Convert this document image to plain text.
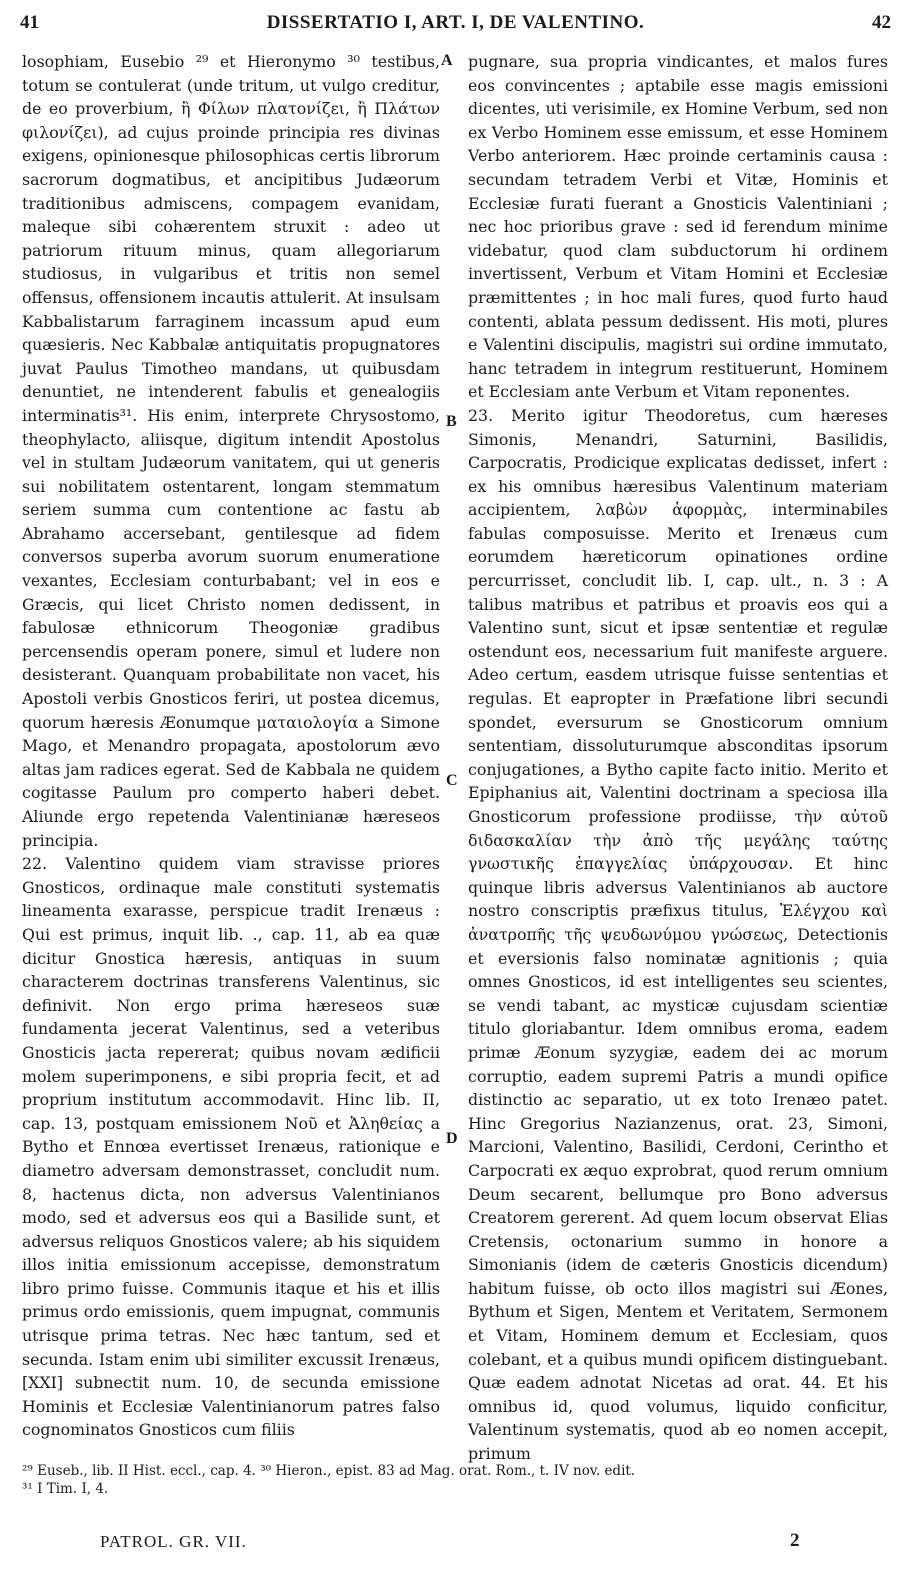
41	DISSERTATIO I, ART. I, DE VALENTINO.	42

losophiam, Eusebio ²⁹ et Hieronymo ³⁰ testibus, totum se contulerat (unde tritum, ut vulgo creditur, de eo proverbium, ἢ Φίλων πλατονίζει, ἢ Πλάτων φιλονίζει), ad cujus proinde principia res divinas exigens, opinionesque philosophicas certis librorum sacrorum dogmatibus, et ancipitibus Judæorum traditionibus admiscens, compagem evanidam, maleque sibi cohærentem struxit : adeo ut patriorum rituum minus, quam allegoriarum studiosus, in vulgaribus et tritis non semel offensus, offensionem incautis attulerit. At insulsam Kabbalistarum farraginem incassum apud eum quæsieris. Nec Kabbalæ antiquitatis propugnatores juvat Paulus Timotheo mandans, ut quibusdam denuntiet, ne intenderent fabulis et genealogiis interminatis³¹. His enim, interprete Chrysostomo, theophylacto, aliisque, digitum intendit Apostolus vel in stultam Judæorum vanitatem, qui ut generis sui nobilitatem ostentarent, longam stemmatum seriem summa cum contentione ac fastu ab Abrahamo accersebant, gentilesque ad fidem conversos superba avorum suorum enumeratione vexantes, Ecclesiam conturbabant; vel in eos e Græcis, qui licet Christo nomen dedissent, in fabulosæ ethnicorum Theogoniæ gradibus percensendis operam ponere, simul et ludere non desisterant. Quanquam probabilitate non vacet, his Apostoli verbis Gnosticos feriri, ut postea dicemus, quorum hæresis Æonumque ματαιολογία a Simone Mago, et Menandro propagata, apostolorum ævo altas jam radices egerat. Sed de Kabbala ne quidem cogitasse Paulum pro comperto haberi debet. Aliunde ergo repetenda Valentinianæ hæreseos principia.

22. Valentino quidem viam stravisse priores Gnosticos, ordinaque male constituti systematis lineamenta exarasse, perspicue tradit Irenæus : Qui est primus, inquit lib. ., cap. 11, ab ea quæ dicitur Gnostica hæresis, antiquas in suum characterem doctrinas transferens Valentinus, sic definivit. Non ergo prima hæreseos suæ fundamenta jecerat Valentinus, sed a veteribus Gnosticis jacta repererat; quibus novam ædificii molem superimponens, e sibi propria fecit, et ad proprium institutum accommodavit. Hinc lib. II, cap. 13, postquam emissionem Νοῦ et Ἀληθείας a Bytho et Ennœa evertisset Irenæus, rationique e diametro adversam demonstrasset, concludit num. 8, hactenus dicta, non adversus Valentinianos modo, sed et adversus eos qui a Basilide sunt, et adversus reliquos Gnosticos valere; ab his siquidem illos initia emissionum accepisse, demonstratum libro primo fuisse. Communis itaque et his et illis primus ordo emissionis, quem impugnat, communis utrisque prima tetras. Nec hæc tantum, sed et secunda. Istam enim ubi similiter excussit Irenæus, [XXI] subnectit num. 10, de secunda emissione Hominis et Ecclesiæ Valentinianorum patres falso cognominatos Gnosticos cum filiis

pugnare, sua propria vindicantes, et malos fures eos convincentes ; aptabile esse magis emissioni dicentes, uti verisimile, ex Homine Verbum, sed non ex Verbo Hominem esse emissum, et esse Hominem Verbo anteriorem. Hæc proinde certaminis causa : secundam tetradem Verbi et Vitæ, Hominis et Ecclesiæ furati fuerant a Gnosticis Valentiniani ; nec hoc prioribus grave : sed id ferendum minime videbatur, quod clam subductorum hi ordinem invertissent, Verbum et Vitam Homini et Ecclesiæ præmittentes ; in hoc mali fures, quod furto haud contenti, ablata pessum dedissent. His moti, plures e Valentini discipulis, magistri sui ordine immutato, hanc tetradem in integrum restituerunt, Hominem et Ecclesiam ante Verbum et Vitam reponentes.

23. Merito igitur Theodoretus, cum hæreses Simonis, Menandri, Saturnini, Basilidis, Carpocratis, Prodicique explicatas dedisset, infert : ex his omnibus hæresibus Valentinum materiam accipientem, λαβὼν ἀφορμὰς, interminabiles fabulas composuisse. Merito et Irenæus cum eorumdem hæreticorum opinationes ordine percurrisset, concludit lib. I, cap. ult., n. 3 : A talibus matribus et patribus et proavis eos qui a Valentino sunt, sicut et ipsæ sententiæ et regulæ ostendunt eos, necessarium fuit manifeste arguere. Adeo certum, easdem utrisque fuisse sententias et regulas. Et eapropter in Præfatione libri secundi spondet, eversurum se Gnosticorum omnium sententiam, dissoluturumque absconditas ipsorum conjugationes, a Bytho capite facto initio. Merito et Epiphanius ait, Valentini doctrinam a speciosa illa Gnosticorum professione prodiisse, τὴν αὐτοῦ διδασκαλίαν τὴν ἀπὸ τῆς μεγάλης ταύτης γνωστικῆς ἐπαγγελίας ὑπάρχουσαν. Et hinc quinque libris adversus Valentinianos ab auctore nostro conscriptis præfixus titulus, Ἐλέγχου καὶ ἀνατροπῆς τῆς ψευδωνύμου γνώσεως, Detectionis et eversionis falso nominatæ agnitionis ; quia omnes Gnosticos, id est intelligentes seu scientes, se vendi tabant, ac mysticæ cujusdam scientiæ titulo gloriabantur. Idem omnibus eroma, eadem primæ Æonum syzygiæ, eadem dei ac morum corruptio, eadem supremi Patris a mundi opifice distinctio ac separatio, ut ex toto Irenæo patet. Hinc Gregorius Nazianzenus, orat. 23, Simoni, Marcioni, Valentino, Basilidi, Cerdoni, Cerintho et Carpocrati ex æquo exprobrat, quod rerum omnium Deum secarent, bellumque pro Bono adversus Creatorem gererent. Ad quem locum observat Elias Cretensis, octonarium summo in honore a Simonianis (idem de cæteris Gnosticis dicendum) habitum fuisse, ob octo illos magistri sui Æones, Bythum et Sigen, Mentem et Veritatem, Sermonem et Vitam, Hominem demum et Ecclesiam, quos colebant, et a quibus mundi opificem distinguebant. Quæ eadem adnotat Nicetas ad orat. 44. Et his omnibus id, quod volumus, liquido conficitur, Valentinum systematis, quod ab eo nomen accepit, primum

A
B
C
D
²⁹ Euseb., lib. II Hist. eccl., cap. 4. ³⁰ Hieron., epist. 83 ad Mag. orat. Rom., t. IV nov. edit.
³¹ I Tim. I, 4.
PATROL. GR. VII.	2
